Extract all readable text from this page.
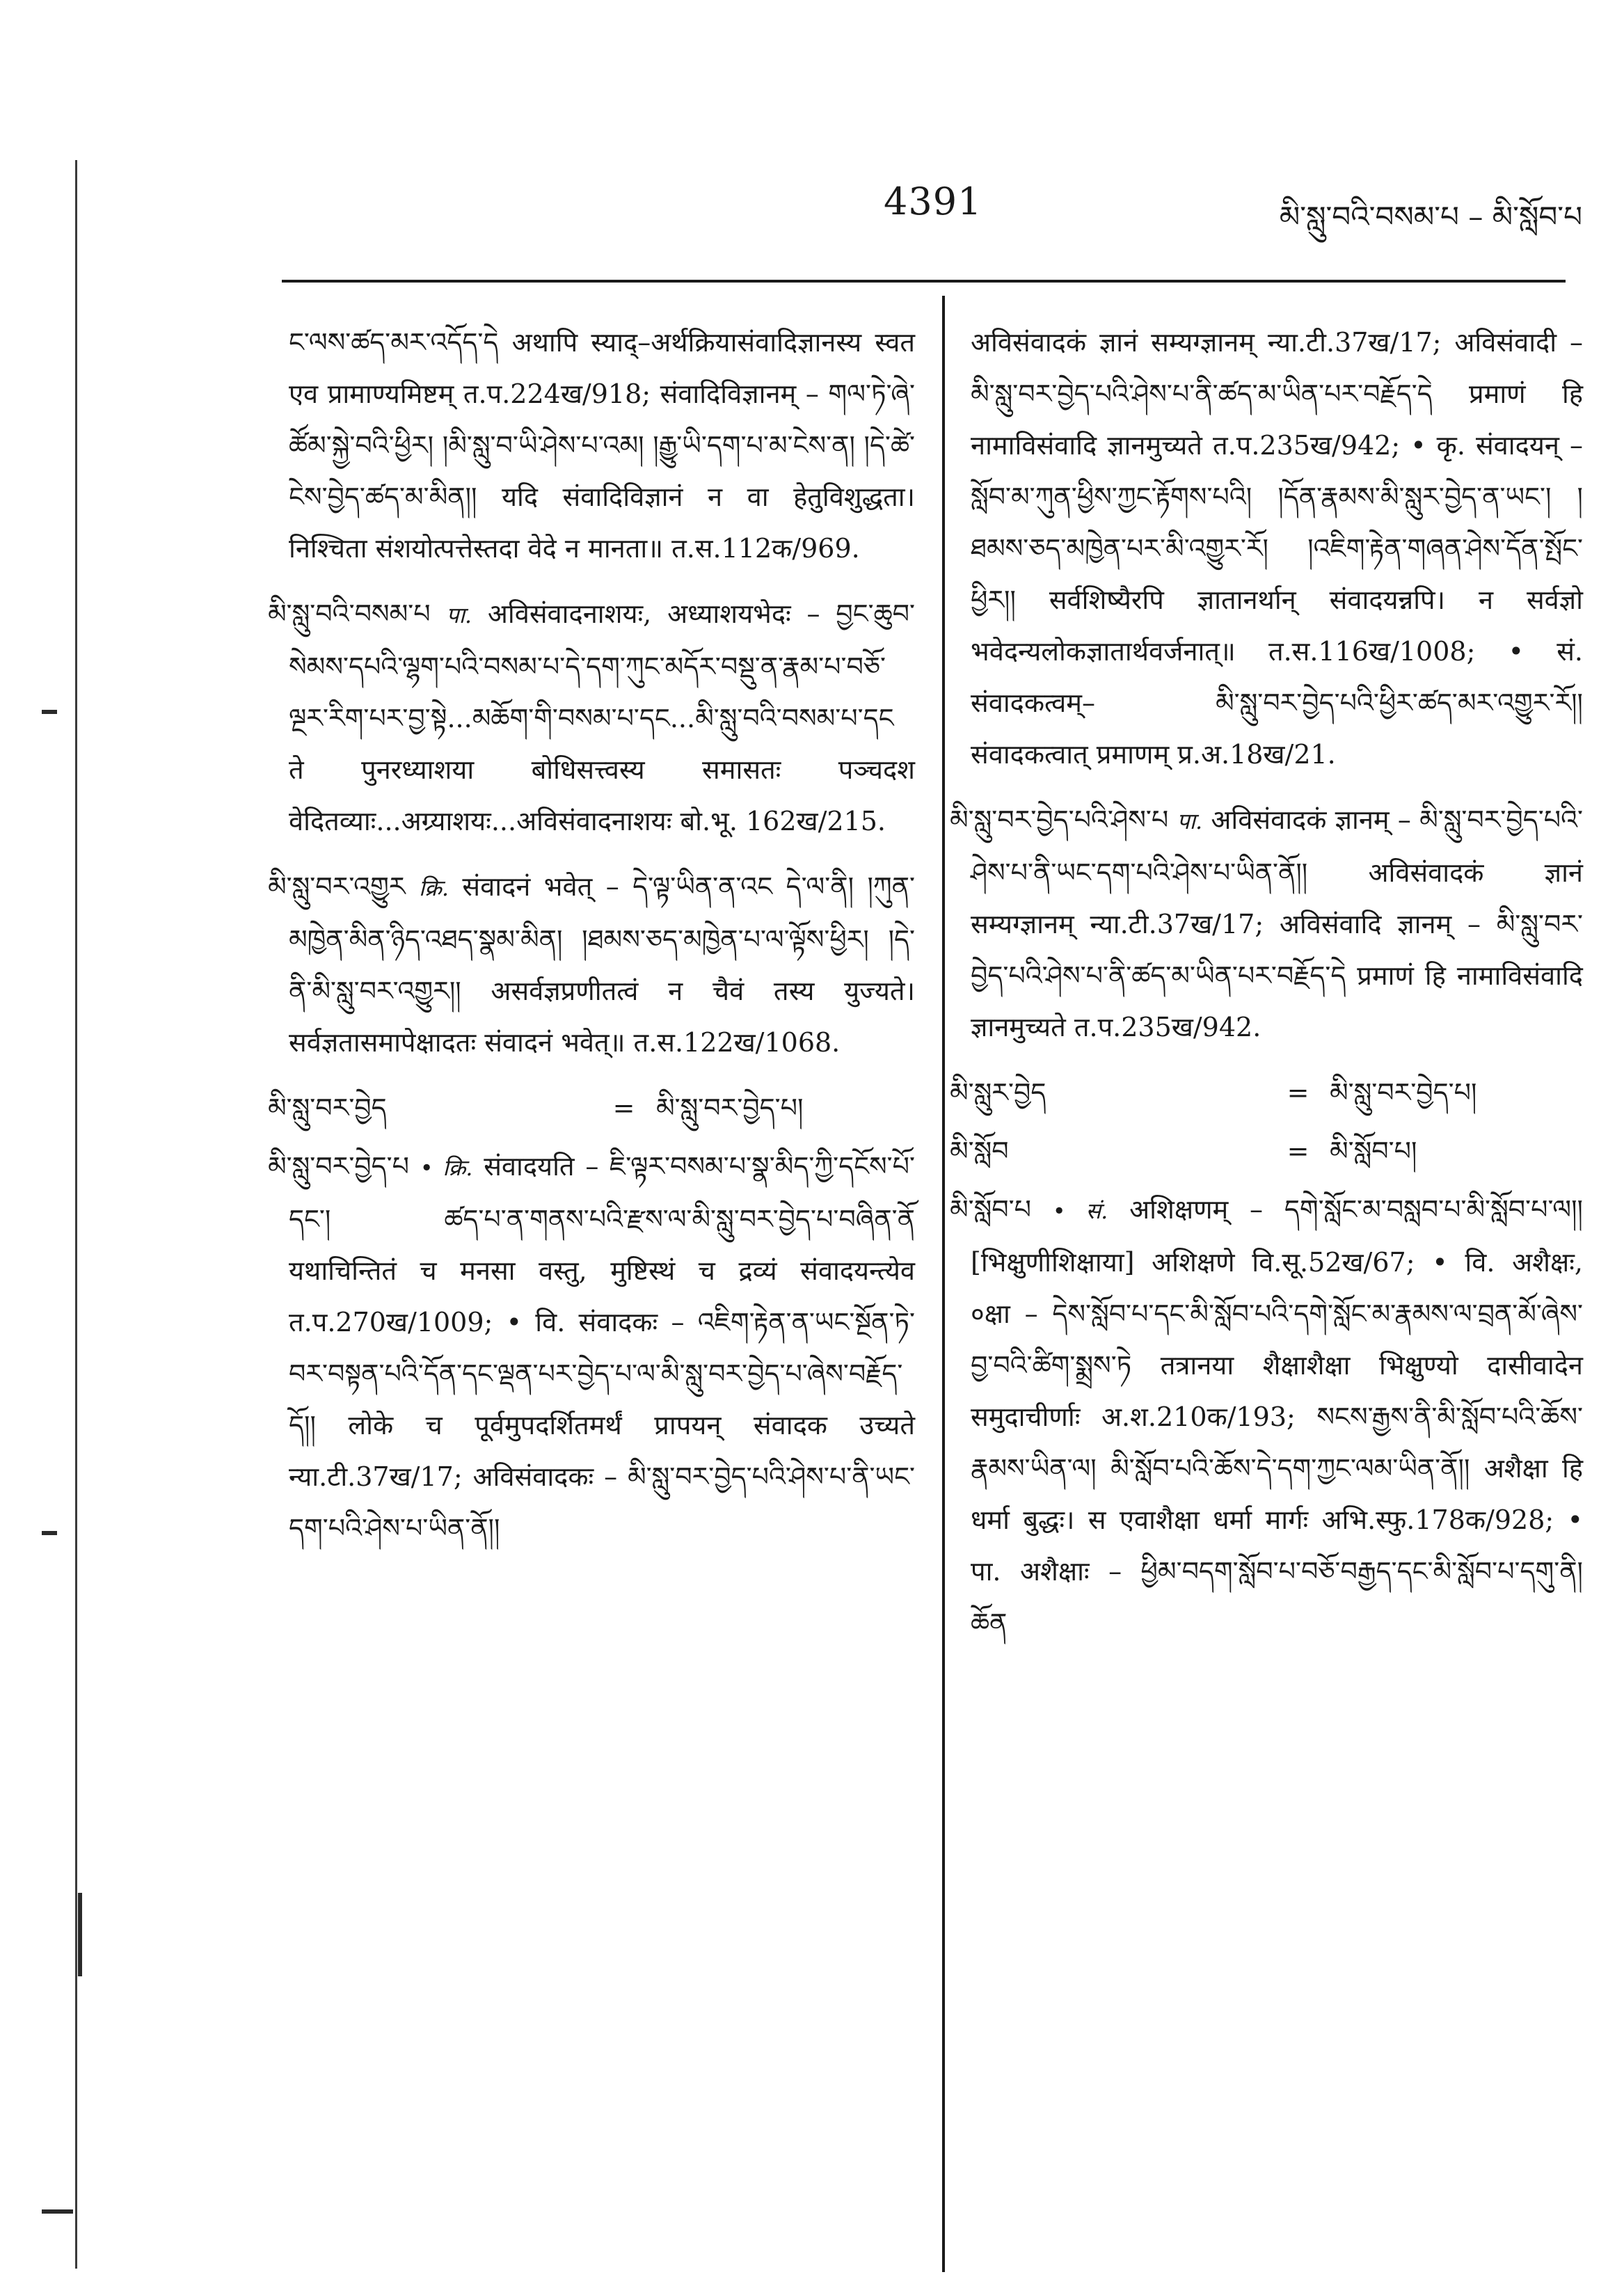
4391	མི་སླུ་བའི་བསམ་པ – མི་སློབ་པ
ང་ལས་ཚད་མར་འདོད་དེ अथापि स्याद्–अर्थक्रियासंवादिज्ञानस्य स्वत एव प्रामाण्यमिष्टम् त.प.224ख/918; संवादिविज्ञानम् – གལ་ཏེ་ཞེ་ཚོམ་སྐྱེ་བའི་ཕྱིར། །མི་སླུ་བ་ཡི་ཤེས་པ་འམ། །རྒྱུ་ཡི་དག་པ་མ་ངེས་ན། །དེ་ཚེ་ངེས་བྱེད་ཚད་མ་མིན།། यदि संवादिविज्ञानं न वा हेतुविशुद्धता। निश्चिता संशयोत्पत्तेस्तदा वेदे न मानता॥ त.स.112क/969.
མི་སླུ་བའི་བསམ་པ पा. अविसंवादनाशयः, अध्याशयभेदः – བྱང་ཆུབ་སེམས་དཔའི་ལྷག་པའི་བསམ་པ་དེ་དག་ཀུང་མདོར་བསྡུ་ན་རྣམ་པ་བཅོ་ལྔར་རིག་པར་བྱ་སྟེ...མཆོག་གི་བསམ་པ་དང...མི་སླུ་བའི་བསམ་པ་དང ते पुनरध्याशया बोधिसत्त्वस्य समासतः पञ्चदश वेदितव्याः...अग्र्याशयः...अविसंवादनाशयः बो.भू. 162ख/215.
མི་སླུ་བར་འགྱུར क्रि. संवादनं भवेत् – དེ་ལྟ་ཡིན་ན་འང དེ་ལ་ནི། །ཀུན་མཁྱེན་མིན་ཉིད་འཐད་སྣམ་མིན། །ཐམས་ཅད་མཁྱེན་པ་ལ་ལྟོས་ཕྱིར། །དེ་ནི་མི་སླུ་བར་འགྱུར།། असर्वज्ञप्रणीतत्वं न चैवं तस्य युज्यते। सर्वज्ञतासमापेक्षादतः संवादनं भवेत्॥ त.स.122ख/1068.
མི་སླུ་བར་བྱེད	= མི་སླུ་བར་བྱེད་པ།
མི་སླུ་བར་བྱེད་པ • क्रि. संवादयति – ཇི་ལྟར་བསམ་པ་སྣ་མིད་ཀྱི་དངོས་པོ་དང་། ཚད་པ་ན་གནས་པའི་རྫས་ལ་མི་སླུ་བར་བྱེད་པ་བཞིན་ནོ यथाचिन्तितं च मनसा वस्तु, मुष्टिस्थं च द्रव्यं संवादयन्त्येव त.प.270ख/1009; • वि. संवादकः – འཇིག་རྟེན་ན་ཡང་སྔོན་ཏེ་བར་བསྟན་པའི་དོན་དང་ལྡན་པར་བྱེད་པ་ལ་མི་སླུ་བར་བྱེད་པ་ཞེས་བརྗོད་དོ།། लोके च पूर्वमुपदर्शितमर्थं प्रापयन् संवादक उच्यते न्या.टी.37ख/17; अविसंवादकः – མི་སླུ་བར་བྱེད་པའི་ཤེས་པ་ནི་ཡང་དག་པའི་ཤེས་པ་ཡིན་ནོ།།
अविसंवादकं ज्ञानं सम्यग्ज्ञानम् न्या.टी.37ख/17; अविसंवादी – མི་སླུ་བར་བྱེད་པའི་ཤེས་པ་ནི་ཚད་མ་ཡིན་པར་བརྗོད་དེ प्रमाणं हि नामाविसंवादि ज्ञानमुच्यते त.प.235ख/942; • कृ. संवादयन् – སློབ་མ་ཀུན་ཕྱིས་ཀྱང་རྟོགས་པའི། །དོན་རྣམས་མི་སླུར་བྱེད་ན་ཡང་། །ཐམས་ཅད་མཁྱེན་པར་མི་འགྱུར་རོ། །འཇིག་རྟེན་གཞན་ཤེས་དོན་སྤོང་ཕྱིར།། सर्वशिष्यैरपि ज्ञातानर्थान् संवादयन्नपि। न सर्वज्ञो भवेदन्यलोकज्ञातार्थवर्जनात्॥ त.स.116ख/1008; • सं. संवादकत्वम्– མི་སླུ་བར་བྱེད་པའི་ཕྱིར་ཚད་མར་འགྱུར་རོ།། संवादकत्वात् प्रमाणम् प्र.अ.18ख/21.
མི་སླུ་བར་བྱེད་པའི་ཤེས་པ पा. अविसंवादकं ज्ञानम् – མི་སླུ་བར་བྱེད་པའི་ཤེས་པ་ནི་ཡང་དག་པའི་ཤེས་པ་ཡིན་ནོ།། अविसंवादकं ज्ञानं सम्यग्ज्ञानम् न्या.टी.37ख/17; अविसंवादि ज्ञानम् – མི་སླུ་བར་བྱེད་པའི་ཤེས་པ་ནི་ཚད་མ་ཡིན་པར་བརྗོད་དེ प्रमाणं हि नामाविसंवादि ज्ञानमुच्यते त.प.235ख/942.
མི་སླུར་བྱེད	= མི་སླུ་བར་བྱེད་པ།
མི་སློབ	= མི་སློབ་པ།
མི་སློབ་པ • सं. अशिक्षणम् – དགེ་སློང་མ་བསླབ་པ་མི་སློབ་པ་ལ།། [भिक्षुणीशिक्षाया] अशिक्षणे वि.सू.52ख/67; • वि. अशैक्षः, ०क्षा – དེས་སློབ་པ་དང་མི་སློབ་པའི་དགེ་སློང་མ་རྣམས་ལ་བྲན་མོ་ཞེས་བྱ་བའི་ཚིག་སྨྲས་ཏེ तत्रानया शैक्षाशैक्षा भिक्षुण्यो दासीवादेन समुदाचीर्णाः अ.श.210क/193; སངས་རྒྱས་ནི་མི་སློབ་པའི་ཆོས་རྣམས་ཡིན་ལ། མི་སློབ་པའི་ཆོས་དེ་དག་ཀྱང་ལམ་ཡིན་ནོ།། अशैक्षा हि धर्मा बुद्धः। स एवाशैक्षा धर्मा मार्गः अभि.स्फु.178क/928; • पा. अशैक्षाः – ཕྱིམ་བདག་སློབ་པ་བཅོ་བརྒྱད་དང་མི་སློབ་པ་དགུ་ནི། ཆོན
